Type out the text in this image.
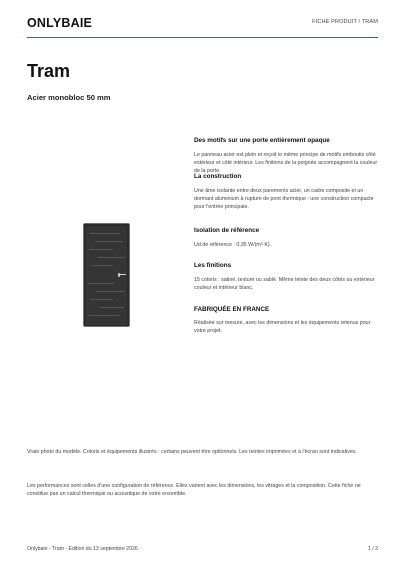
ONLYBAIE	FICHE PRODUIT / TRAM
Tram
Acier monobloc 50 mm

Des motifs sur une porte entièrement opaque

Le panneau acier est plein et reçoit le même principe de motifs emboutis côté extérieur et côté intérieur. Les finitions de la poignée accompagnent la couleur de la porte.

La construction

Une âme isolante entre deux parements acier, un cadre composite et un dormant aluminium à rupture de pont thermique : une construction compacte pour l'entrée principale.

Isolation de référence

Ud de référence : 0,95 W/(m²·K).

Les finitions

15 coloris : satiné, texturé ou sablé. Même teinte des deux côtés ou extérieur couleur et intérieur blanc.

FABRIQUÉE EN FRANCE

Réalisée sur mesure, avec les dimensions et les équipements retenus pour votre projet.

Vraie photo du modèle. Coloris et équipements illustrés : certains peuvent être optionnels. Les teintes imprimées et à l'écran sont indicatives.

Les performances sont celles d'une configuration de référence. Elles varient avec les dimensions, les vitrages et la composition. Cette fiche ne constitue pas un calcul thermique ou acoustique de votre ensemble.

Onlybaie - Tram - Edition du 13 septembre 2026	1 / 2
